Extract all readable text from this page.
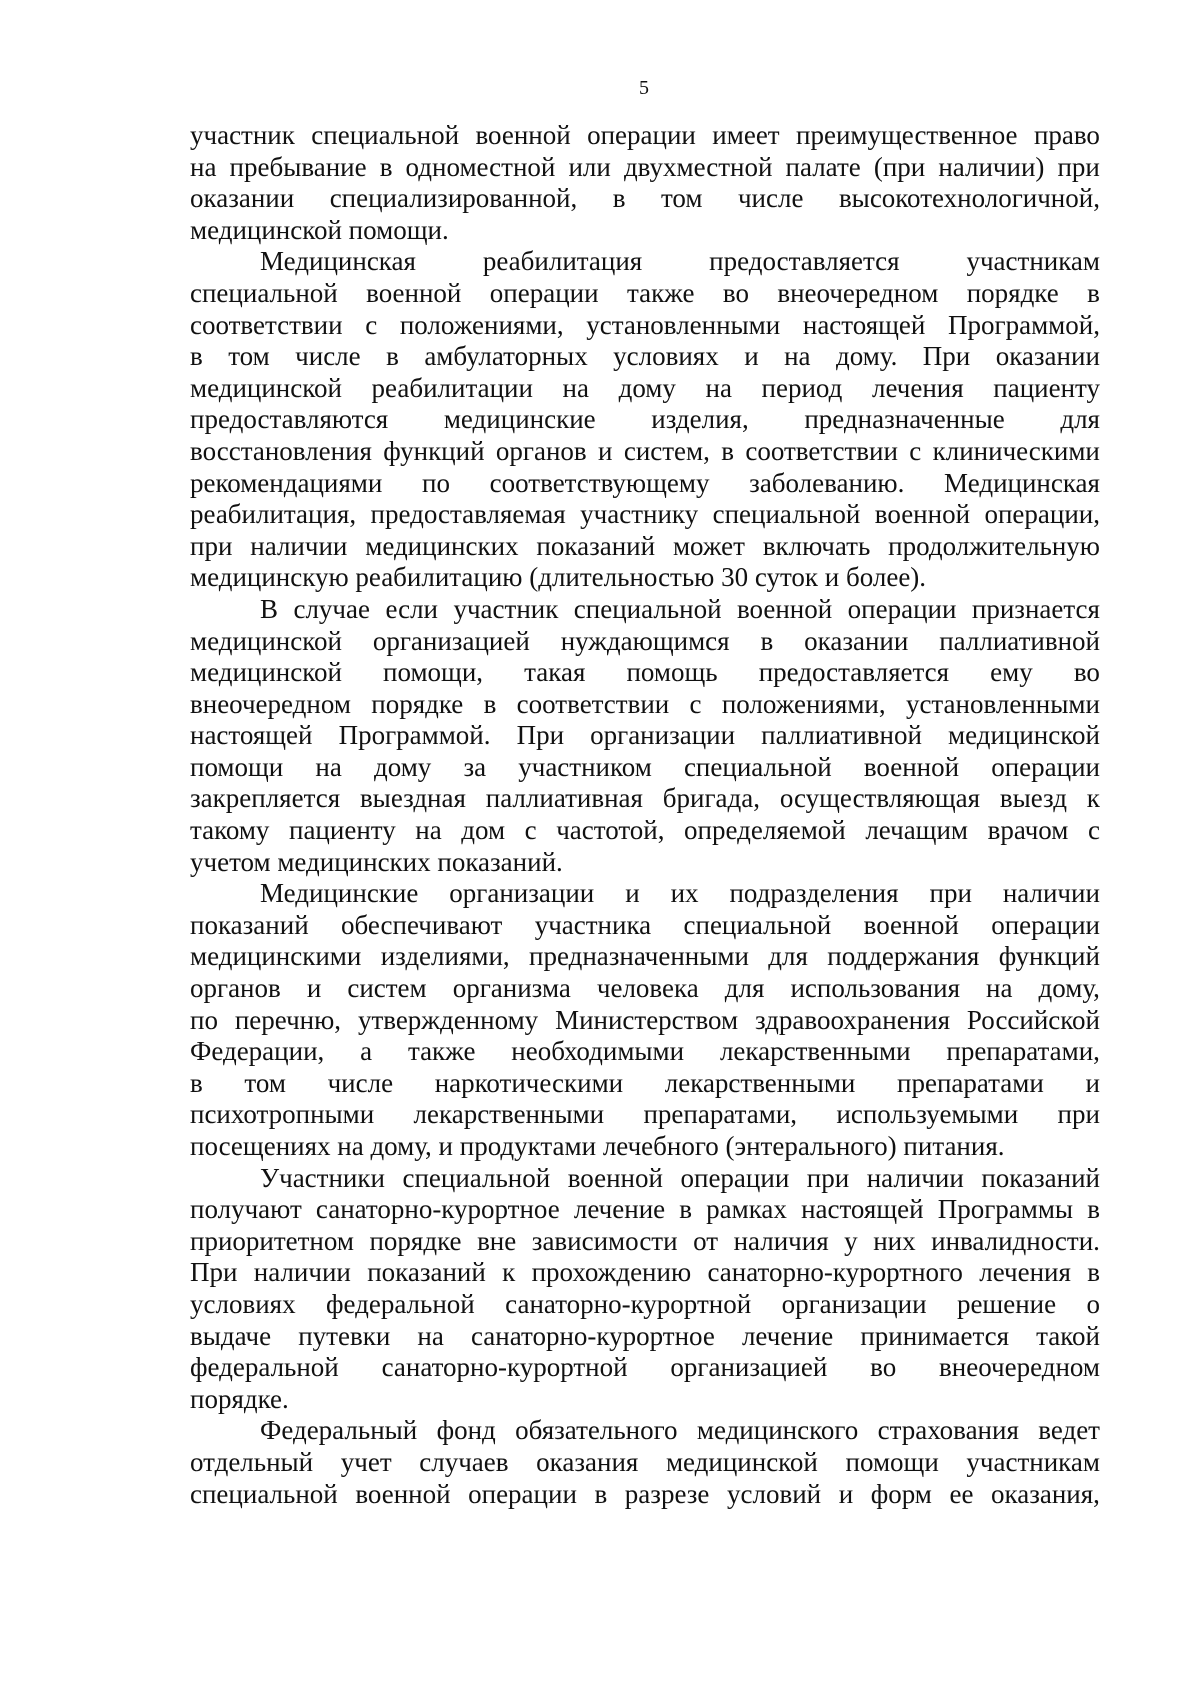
5
участник специальной военной операции имеет преимущественное право
на пребывание в одноместной или двухместной палате (при наличии) при
оказании специализированной, в том числе высокотехнологичной,
медицинской помощи.
Медицинская реабилитация предоставляется участникам
специальной военной операции также во внеочередном порядке в
соответствии с положениями, установленными настоящей Программой,
в том числе в амбулаторных условиях и на дому. При оказании
медицинской реабилитации на дому на период лечения пациенту
предоставляются медицинские изделия, предназначенные для
восстановления функций органов и систем, в соответствии с клиническими
рекомендациями по соответствующему заболеванию. Медицинская
реабилитация, предоставляемая участнику специальной военной операции,
при наличии медицинских показаний может включать продолжительную
медицинскую реабилитацию (длительностью 30 суток и более).
В случае если участник специальной военной операции признается
медицинской организацией нуждающимся в оказании паллиативной
медицинской помощи, такая помощь предоставляется ему во
внеочередном порядке в соответствии с положениями, установленными
настоящей Программой. При организации паллиативной медицинской
помощи на дому за участником специальной военной операции
закрепляется выездная паллиативная бригада, осуществляющая выезд к
такому пациенту на дом с частотой, определяемой лечащим врачом с
учетом медицинских показаний.
Медицинские организации и их подразделения при наличии
показаний обеспечивают участника специальной военной операции
медицинскими изделиями, предназначенными для поддержания функций
органов и систем организма человека для использования на дому,
по перечню, утвержденному Министерством здравоохранения Российской
Федерации, а также необходимыми лекарственными препаратами,
в том числе наркотическими лекарственными препаратами и
психотропными лекарственными препаратами, используемыми при
посещениях на дому, и продуктами лечебного (энтерального) питания.
Участники специальной военной операции при наличии показаний
получают санаторно-курортное лечение в рамках настоящей Программы в
приоритетном порядке вне зависимости от наличия у них инвалидности.
При наличии показаний к прохождению санаторно-курортного лечения в
условиях федеральной санаторно-курортной организации решение о
выдаче путевки на санаторно-курортное лечение принимается такой
федеральной санаторно-курортной организацией во внеочередном
порядке.
Федеральный фонд обязательного медицинского страхования ведет
отдельный учет случаев оказания медицинской помощи участникам
специальной военной операции в разрезе условий и форм ее оказания,
